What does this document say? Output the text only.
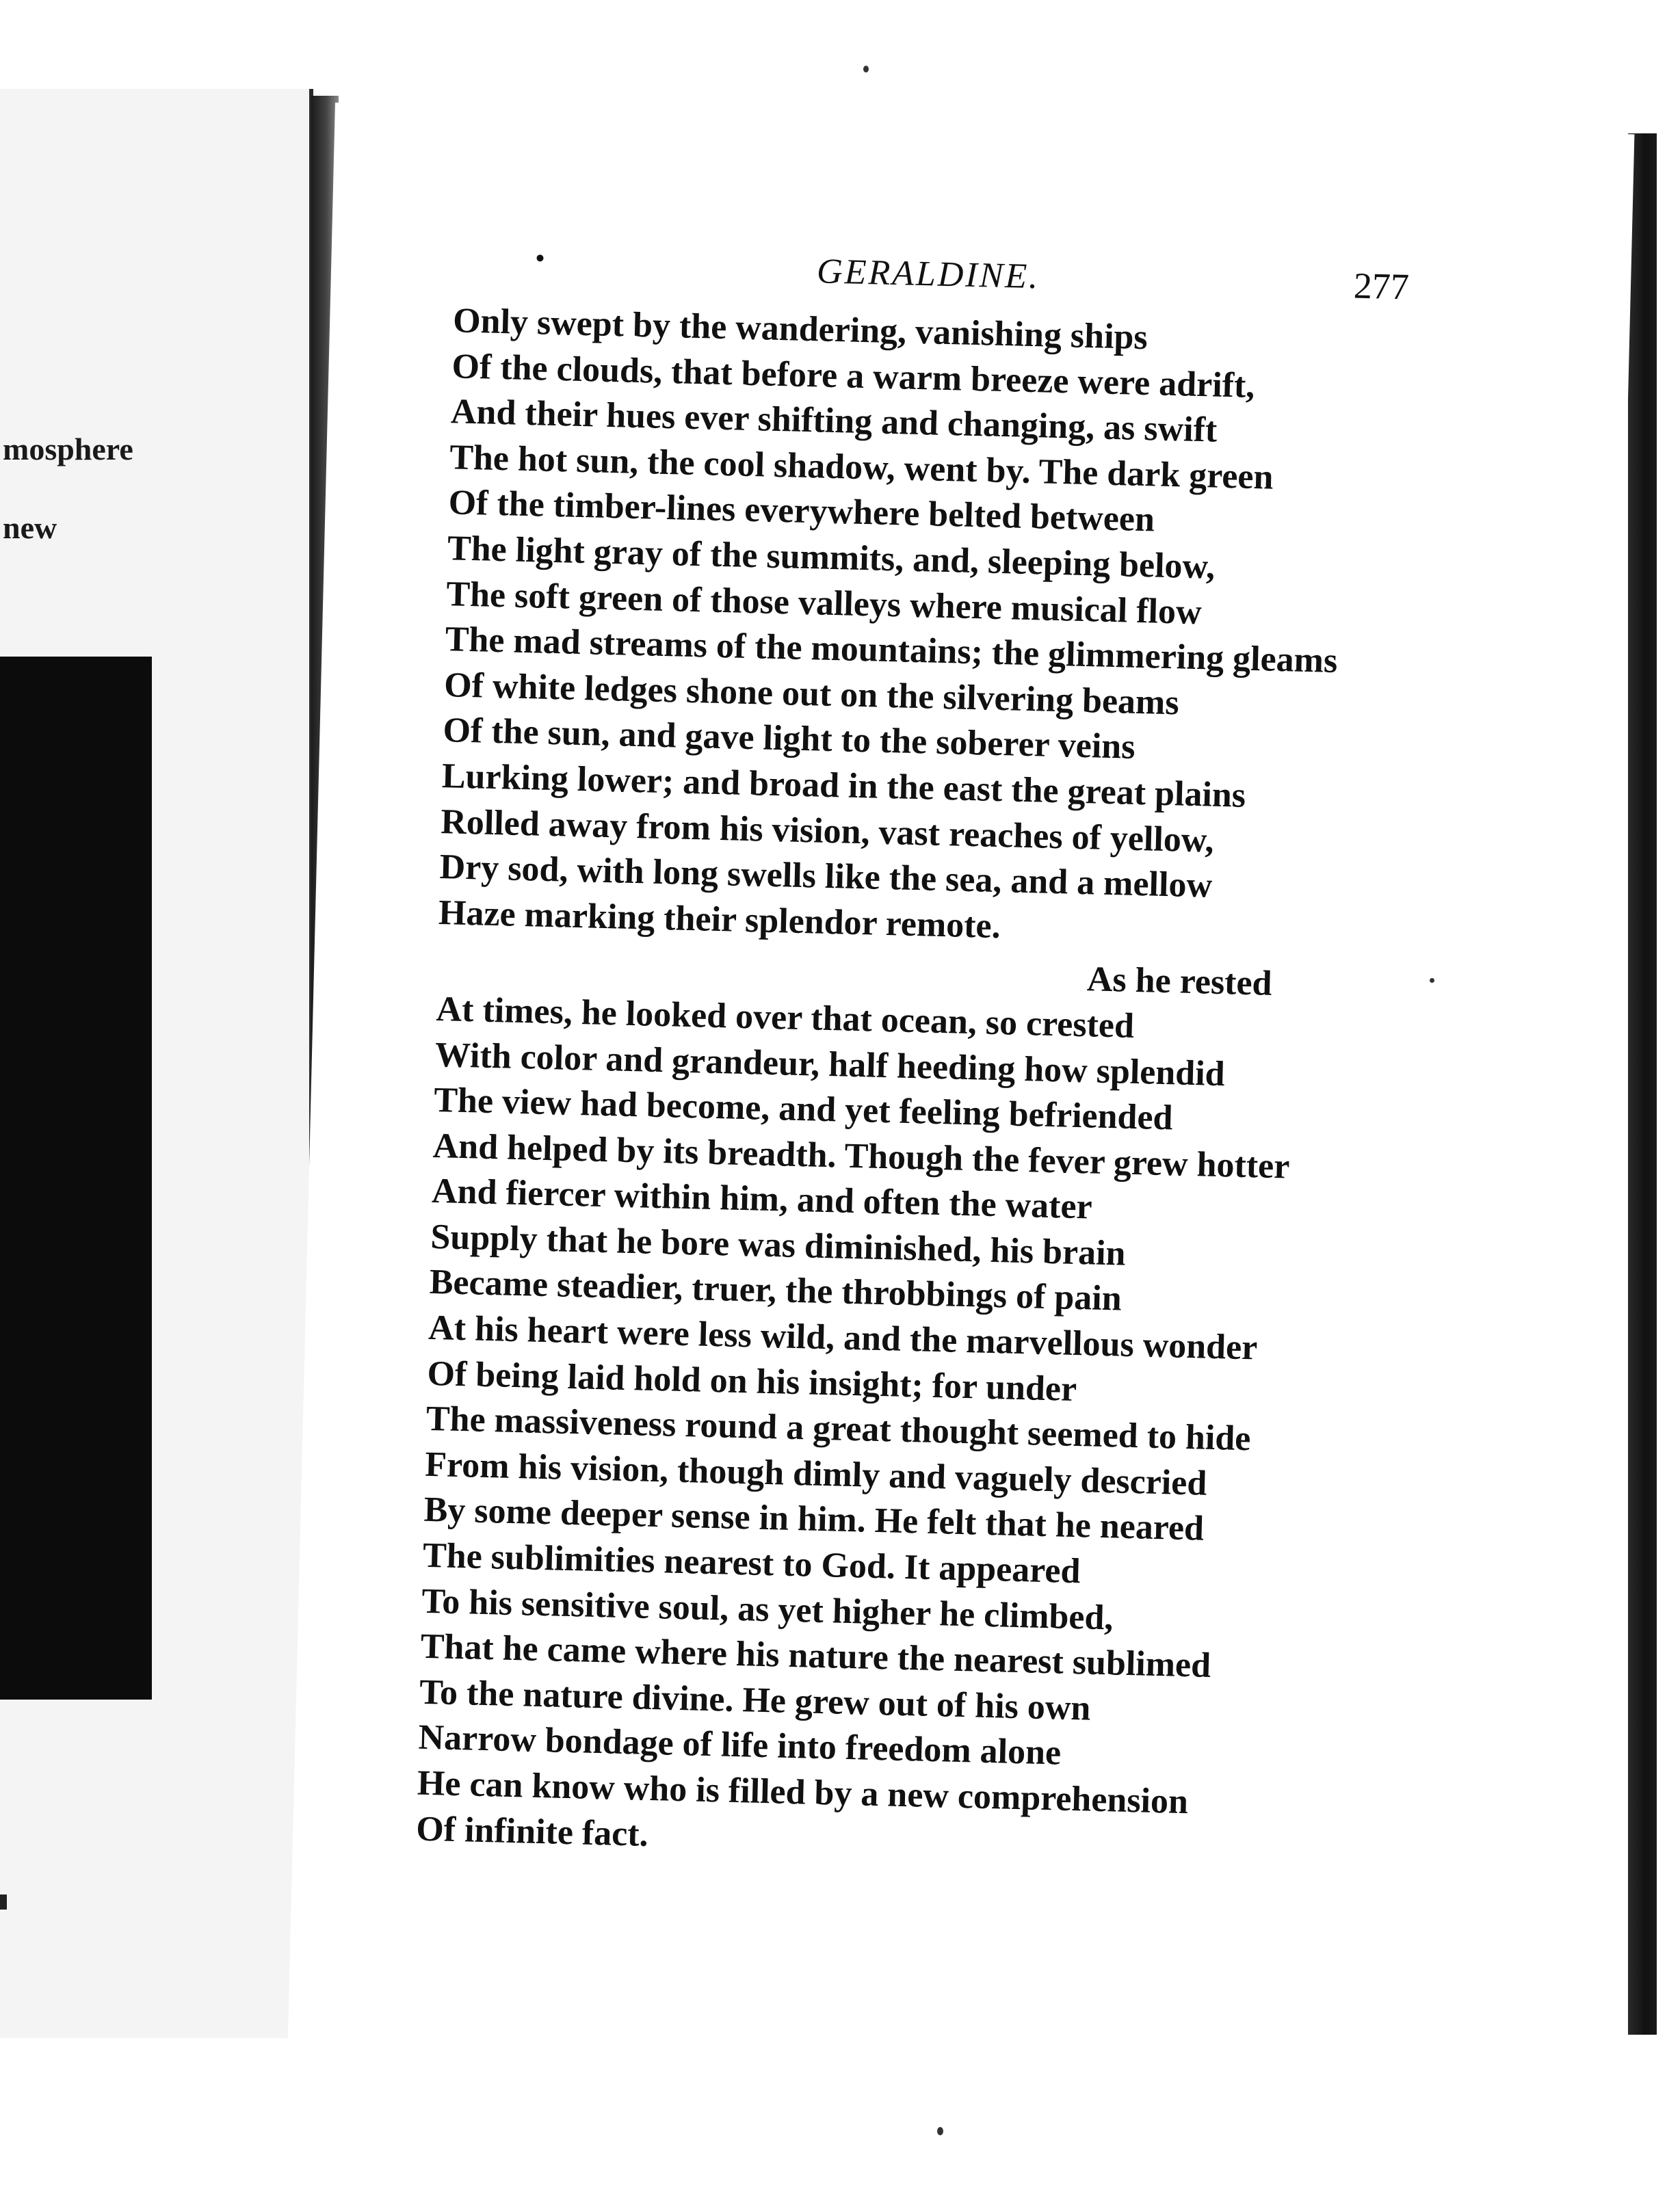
mosphere
new
GERALDINE.	277
Only swept by the wandering, vanishing ships
Of the clouds, that before a warm breeze were adrift,
And their hues ever shifting and changing, as swift
The hot sun, the cool shadow, went by. The dark green
Of the timber-lines everywhere belted between
The light gray of the summits, and, sleeping below,
The soft green of those valleys where musical flow
The mad streams of the mountains; the glimmering gleams
Of white ledges shone out on the silvering beams
Of the sun, and gave light to the soberer veins
Lurking lower; and broad in the east the great plains
Rolled away from his vision, vast reaches of yellow,
Dry sod, with long swells like the sea, and a mellow
Haze marking their splendor remote.
As he rested
At times, he looked over that ocean, so crested
With color and grandeur, half heeding how splendid
The view had become, and yet feeling befriended
And helped by its breadth. Though the fever grew hotter
And fiercer within him, and often the water
Supply that he bore was diminished, his brain
Became steadier, truer, the throbbings of pain
At his heart were less wild, and the marvellous wonder
Of being laid hold on his insight; for under
The massiveness round a great thought seemed to hide
From his vision, though dimly and vaguely descried
By some deeper sense in him. He felt that he neared
The sublimities nearest to God. It appeared
To his sensitive soul, as yet higher he climbed,
That he came where his nature the nearest sublimed
To the nature divine. He grew out of his own
Narrow bondage of life into freedom alone
He can know who is filled by a new comprehension
Of infinite fact.
